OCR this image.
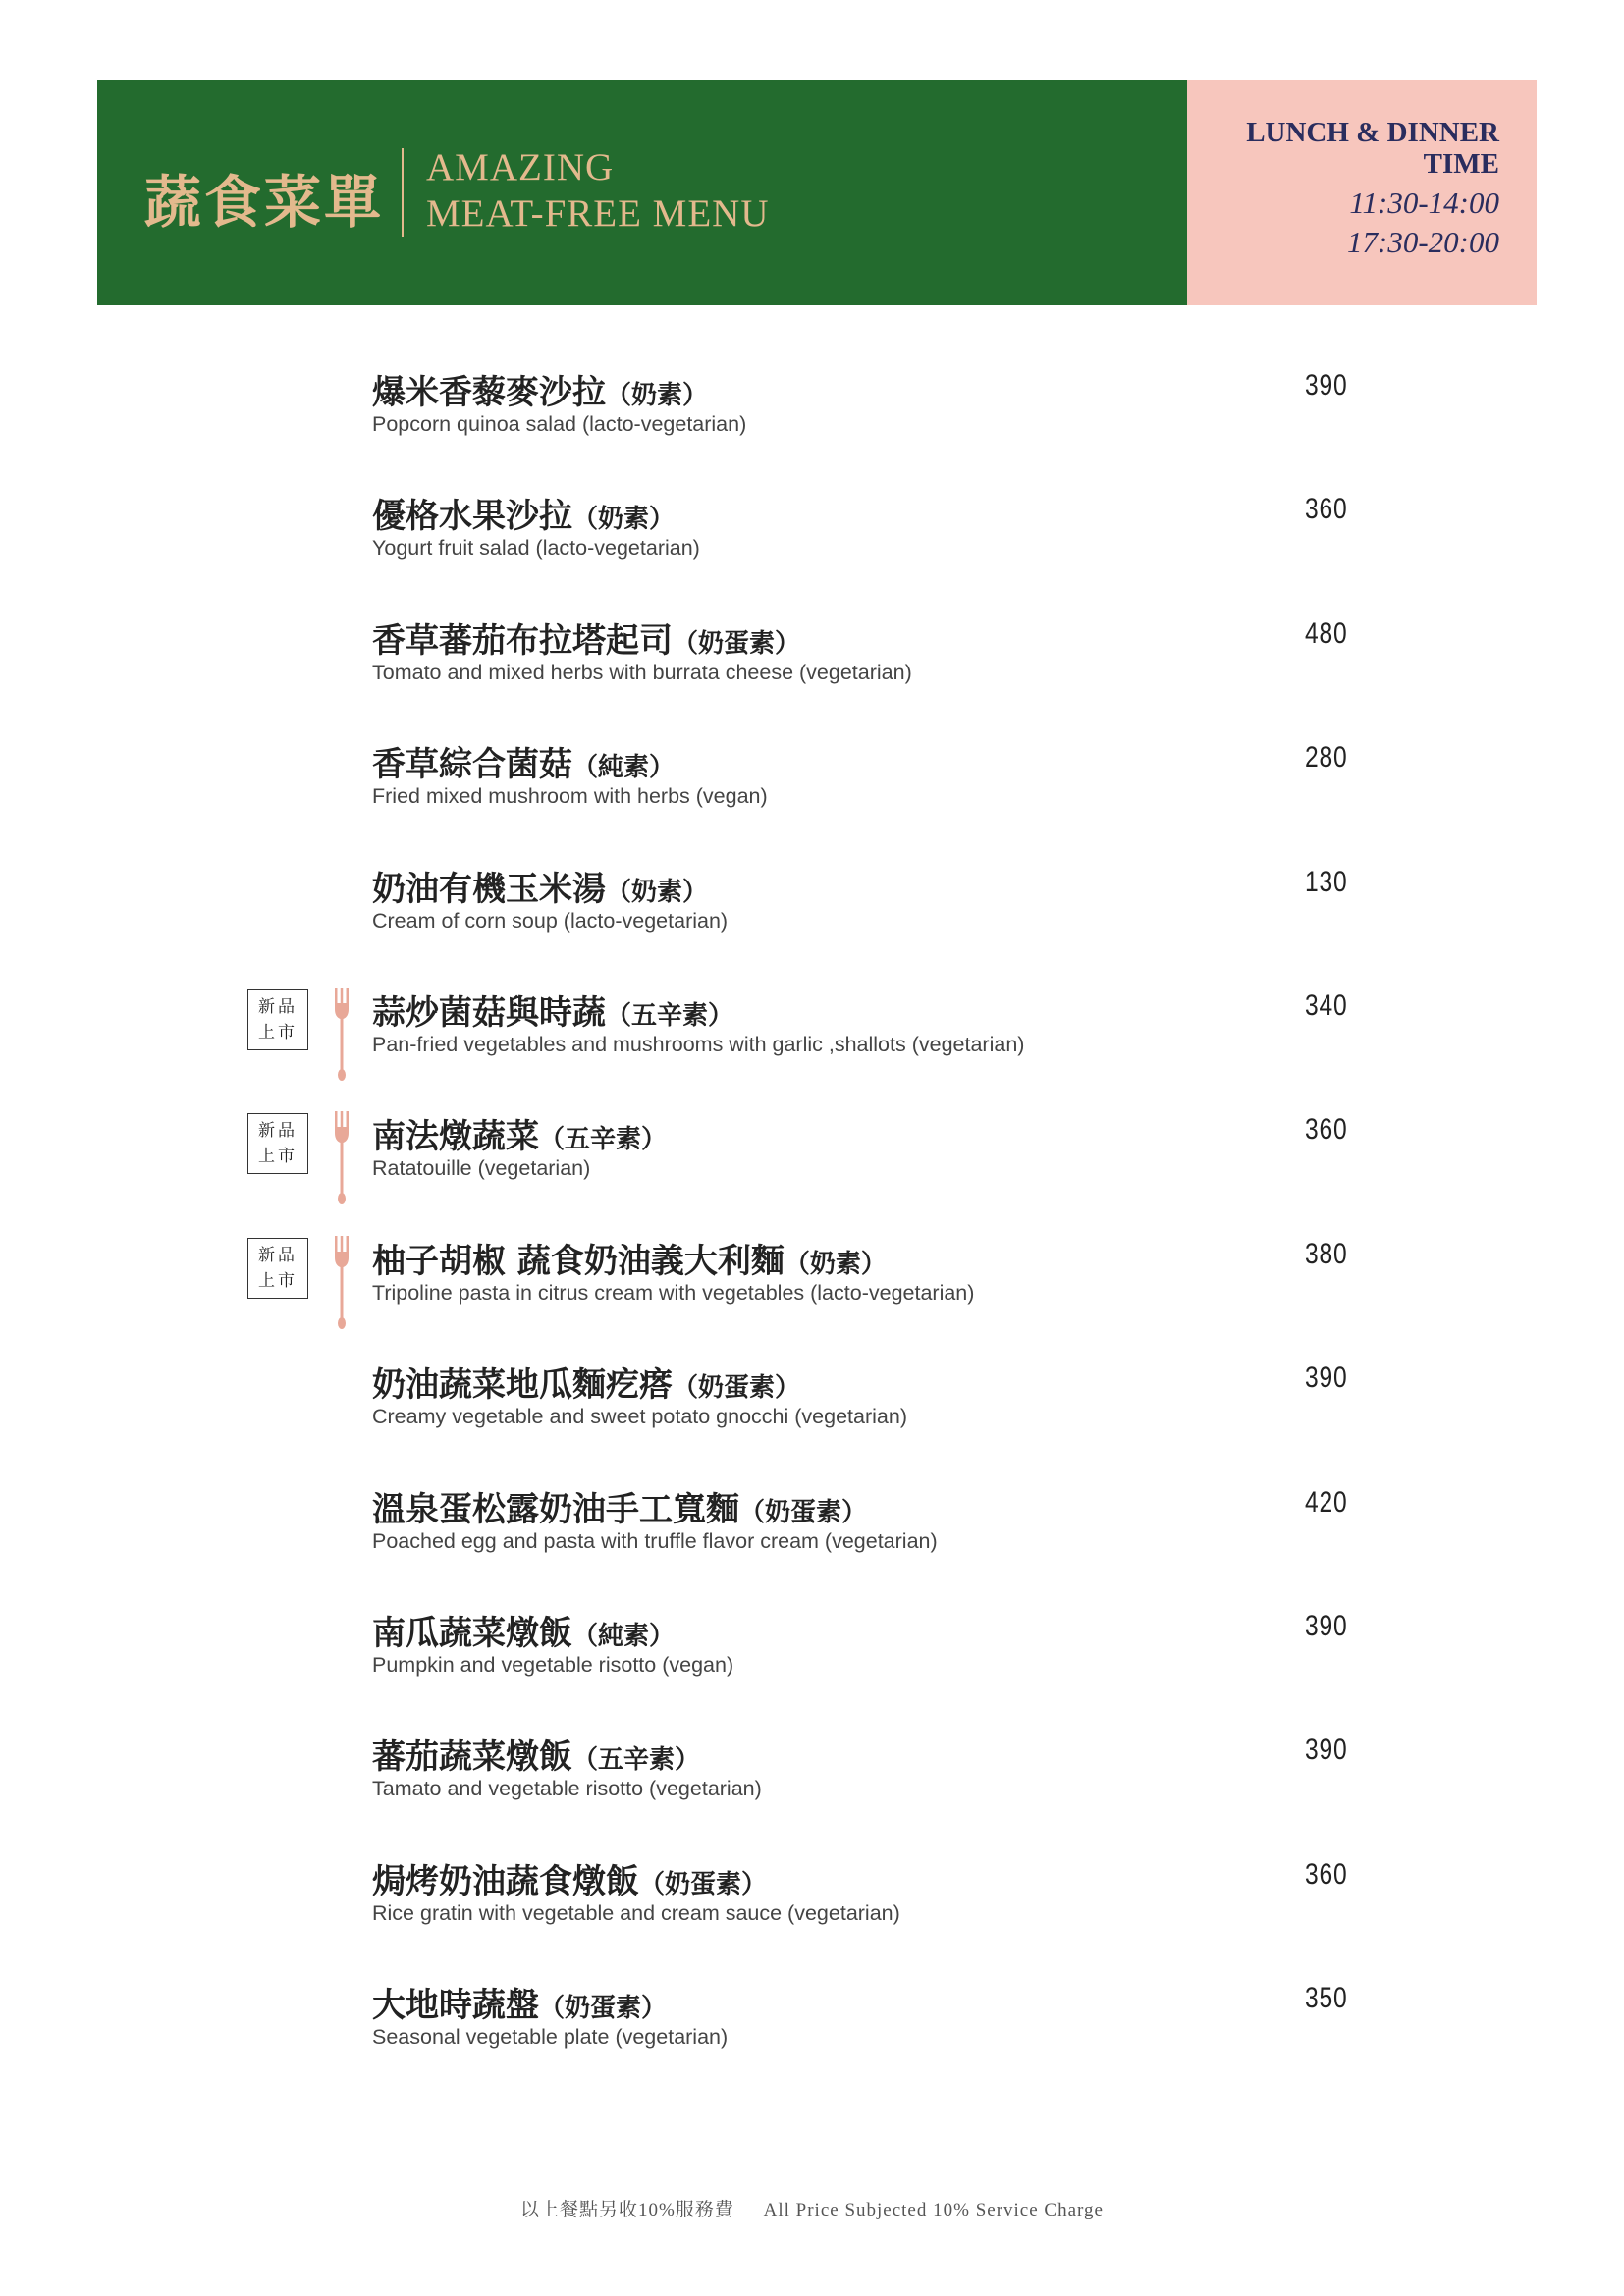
蔬食菜單
AMAZING
MEAT-FREE MENU
LUNCH & DINNER
TIME
11:30-14:00
17:30-20:00
爆米香藜麥沙拉（奶素）
Popcorn quinoa salad (lacto-vegetarian)
390
優格水果沙拉（奶素）
Yogurt fruit salad (lacto-vegetarian)
360
香草蕃茄布拉塔起司（奶蛋素）
Tomato and mixed herbs with burrata cheese (vegetarian)
480
香草綜合菌菇（純素）
Fried mixed mushroom with herbs (vegan)
280
奶油有機玉米湯（奶素）
Cream of corn soup (lacto-vegetarian)
130
蒜炒菌菇與時蔬（五辛素）
Pan-fried vegetables and mushrooms with garlic ,shallots (vegetarian)
340
新品
上市
南法燉蔬菜（五辛素）
Ratatouille (vegetarian)
360
新品
上市
柚子胡椒 蔬食奶油義大利麵（奶素）
Tripoline pasta in citrus cream with vegetables (lacto-vegetarian)
380
新品
上市
奶油蔬菜地瓜麵疙瘩（奶蛋素）
Creamy vegetable and sweet potato gnocchi (vegetarian)
390
溫泉蛋松露奶油手工寬麵（奶蛋素）
Poached egg and pasta with truffle flavor cream (vegetarian)
420
南瓜蔬菜燉飯（純素）
Pumpkin and vegetable risotto (vegan)
390
蕃茄蔬菜燉飯（五辛素）
Tamato and vegetable risotto (vegetarian)
390
焗烤奶油蔬食燉飯（奶蛋素）
Rice gratin with vegetable and cream sauce (vegetarian)
360
大地時蔬盤（奶蛋素）
Seasonal vegetable plate (vegetarian)
350
以上餐點另收10%服務費 All Price Subjected 10% Service Charge
